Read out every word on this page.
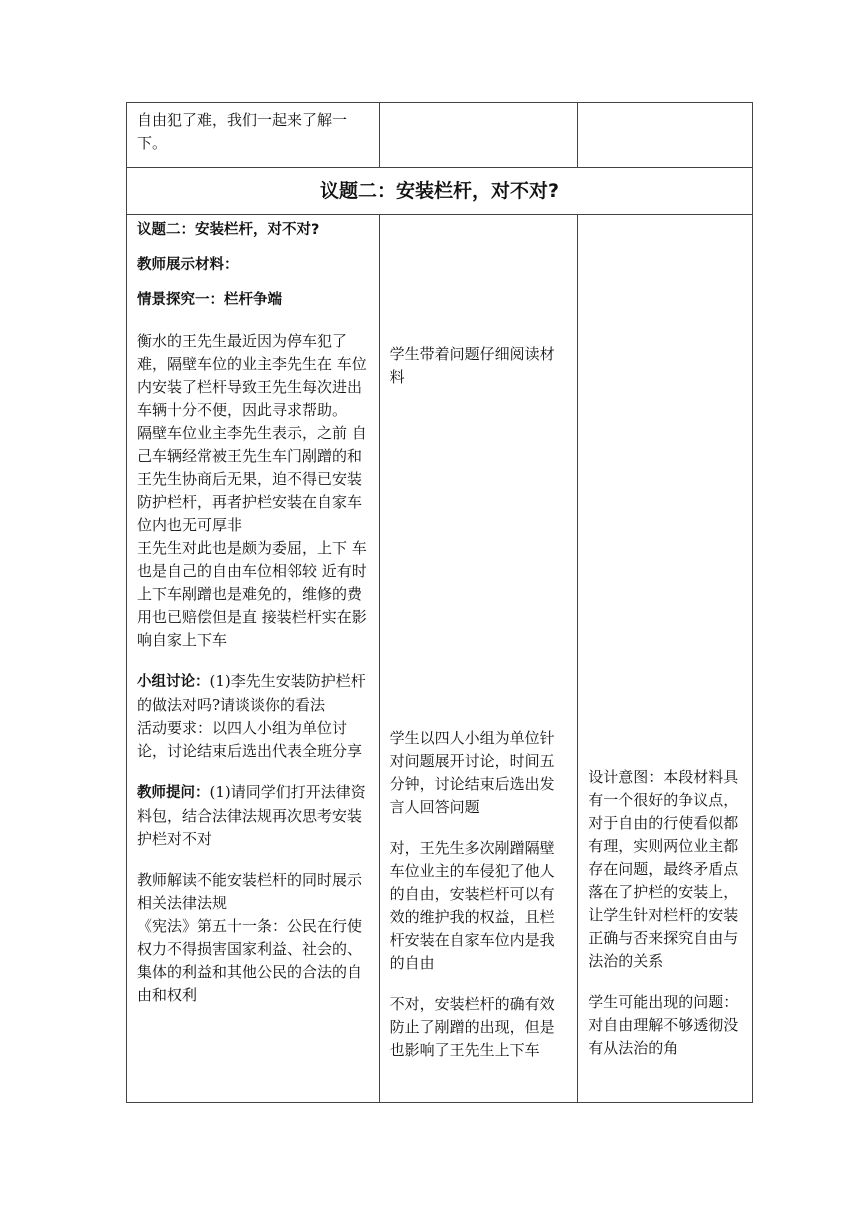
自由犯了难，我们一起来了解一下。

议题二：安装栏杆，对不对?

议题二：安装栏杆，对不对?

教师展示材料：

情景探究一：栏杆争端

衡水的王先生最近因为停车犯了难，隔壁车位的业主李先生在 车位内安装了栏杆导致王先生每次进出车辆十分不便，因此寻求帮助。

隔壁车位业主李先生表示，之前 自己车辆经常被王先生车门剐蹭的和王先生协商后无果，迫不得已安装防护栏杆，再者护栏安装在自家车位内也无可厚非

王先生对此也是颇为委屈，上下 车也是自己的自由车位相邻较 近有时上下车剐蹭也是难免的，维修的费用也已赔偿但是直 接装栏杆实在影响自家上下车

小组讨论：(1)李先生安装防护栏杆的做法对吗?请谈谈你的看法

活动要求：以四人小组为单位讨论，讨论结束后选出代表全班分享

教师提问：(1)请同学们打开法律资料包，结合法律法规再次思考安装护栏对不对

教师解读不能安装栏杆的同时展示相关法律法规

《宪法》第五十一条：公民在行使权力不得损害国家利益、社会的、集体的利益和其他公民的合法的自由和权利

学生带着问题仔细阅读材料

学生以四人小组为单位针对问题展开讨论，时间五分钟，讨论结束后选出发言人回答问题

对，王先生多次剐蹭隔壁车位业主的车侵犯了他人的自由，安装栏杆可以有效的维护我的权益，且栏杆安装在自家车位内是我的自由

不对，安装栏杆的确有效防止了剐蹭的出现，但是也影响了王先生上下车

设计意图：本段材料具有一个很好的争议点，对于自由的行使看似都有理，实则两位业主都存在问题，最终矛盾点落在了护栏的安装上，让学生针对栏杆的安装正确与否来探究自由与法治的关系

学生可能出现的问题：对自由理解不够透彻没有从法治的角
